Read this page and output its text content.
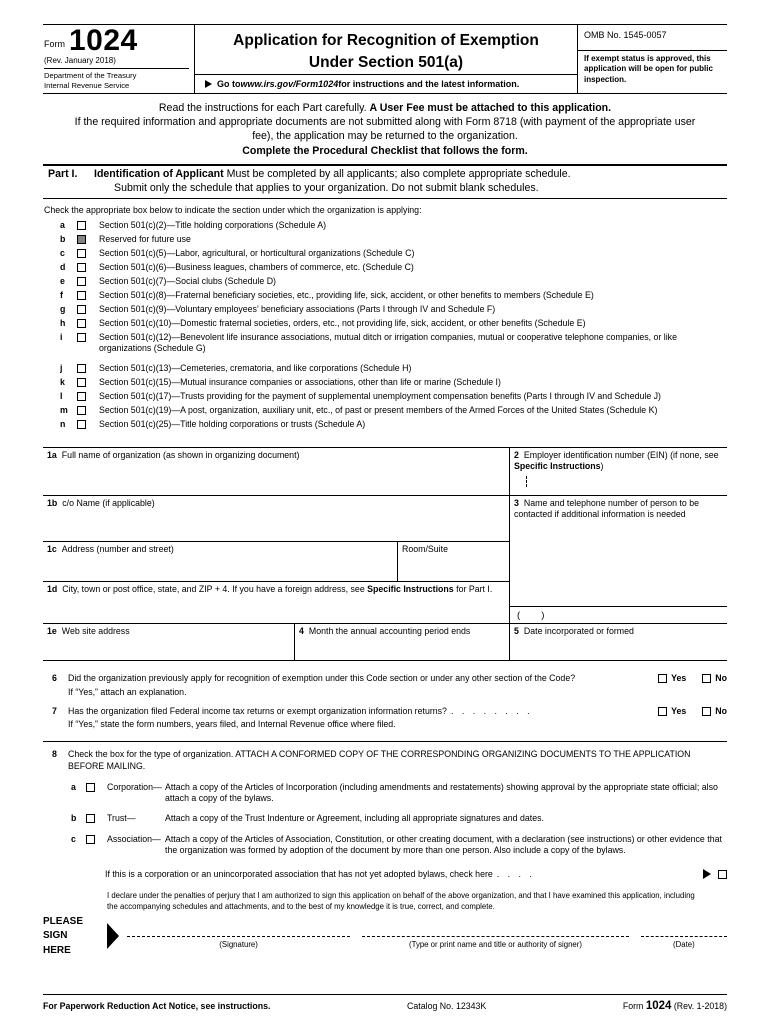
Form 1024
(Rev. January 2018)
Department of the Treasury
Internal Revenue Service
Application for Recognition of Exemption
Under Section 501(a)
Go to www.irs.gov/Form1024 for instructions and the latest information.
OMB No. 1545-0057
If exempt status is approved, this application will be open for public inspection.
Read the instructions for each Part carefully. A User Fee must be attached to this application.
If the required information and appropriate documents are not submitted along with Form 8718 (with payment of the appropriate user fee), the application may be returned to the organization.
Complete the Procedural Checklist that follows the form.
Part I.	Identification of Applicant Must be completed by all applicants; also complete appropriate schedule.
Submit only the schedule that applies to your organization. Do not submit blank schedules.
Check the appropriate box below to indicate the section under which the organization is applying:
a	Section 501(c)(2)—Title holding corporations (Schedule A)
b	Reserved for future use
c	Section 501(c)(5)—Labor, agricultural, or horticultural organizations (Schedule C)
d	Section 501(c)(6)—Business leagues, chambers of commerce, etc. (Schedule C)
e	Section 501(c)(7)—Social clubs (Schedule D)
f	Section 501(c)(8)—Fraternal beneficiary societies, etc., providing life, sick, accident, or other benefits to members (Schedule E)
g	Section 501(c)(9)—Voluntary employees’ beneficiary associations (Parts I through IV and Schedule F)
h	Section 501(c)(10)—Domestic fraternal societies, orders, etc., not providing life, sick, accident, or other benefits (Schedule E)
i	Section 501(c)(12)—Benevolent life insurance associations, mutual ditch or irrigation companies, mutual or cooperative telephone companies, or like organizations (Schedule G)
j	Section 501(c)(13)—Cemeteries, crematoria, and like corporations (Schedule H)
k	Section 501(c)(15)—Mutual insurance companies or associations, other than life or marine (Schedule I)
l	Section 501(c)(17)—Trusts providing for the payment of supplemental unemployment compensation benefits (Parts I through IV and Schedule J)
m	Section 501(c)(19)—A post, organization, auxiliary unit, etc., of past or present members of the Armed Forces of the United States (Schedule K)
n	Section 501(c)(25)—Title holding corporations or trusts (Schedule A)
1a Full name of organization (as shown in organizing document)	2 Employer identification number (EIN) (if none, see Specific Instructions)
1b c/o Name (if applicable)	3 Name and telephone number of person to be contacted if additional information is needed
(        )
1c Address (number and street)	Room/Suite
1d City, town or post office, state, and ZIP + 4. If you have a foreign address, see Specific Instructions for Part I.
1e Web site address	4 Month the annual accounting period ends	5 Date incorporated or formed
6	Did the organization previously apply for recognition of exemption under this Code section or under any other section of the Code?	Yes	No
If “Yes,” attach an explanation.
7	Has the organization filed Federal income tax returns or exempt organization information returns? . . . . . . . .	Yes	No
If “Yes,” state the form numbers, years filed, and Internal Revenue office where filed.
8	Check the box for the type of organization. ATTACH A CONFORMED COPY OF THE CORRESPONDING ORGANIZING DOCUMENTS TO THE APPLICATION BEFORE MAILING.
a	Corporation— Attach a copy of the Articles of Incorporation (including amendments and restatements) showing approval by the appropriate state official; also attach a copy of the bylaws.
b	Trust—	Attach a copy of the Trust Indenture or Agreement, including all appropriate signatures and dates.
c	Association— Attach a copy of the Articles of Association, Constitution, or other creating document, with a declaration (see instructions) or other evidence that the organization was formed by adoption of the document by more than one person. Also include a copy of the bylaws.
If this is a corporation or an unincorporated association that has not yet adopted bylaws, check here . . . .
PLEASE
SIGN
HERE

I declare under the penalties of perjury that I am authorized to sign this application on behalf of the above organization, and that I have examined this application, including the accompanying schedules and attachments, and to the best of my knowledge it is true, correct, and complete.

(Signature)	(Type or print name and title or authority of signer)	(Date)
For Paperwork Reduction Act Notice, see instructions.	Catalog No. 12343K	Form 1024 (Rev. 1-2018)
